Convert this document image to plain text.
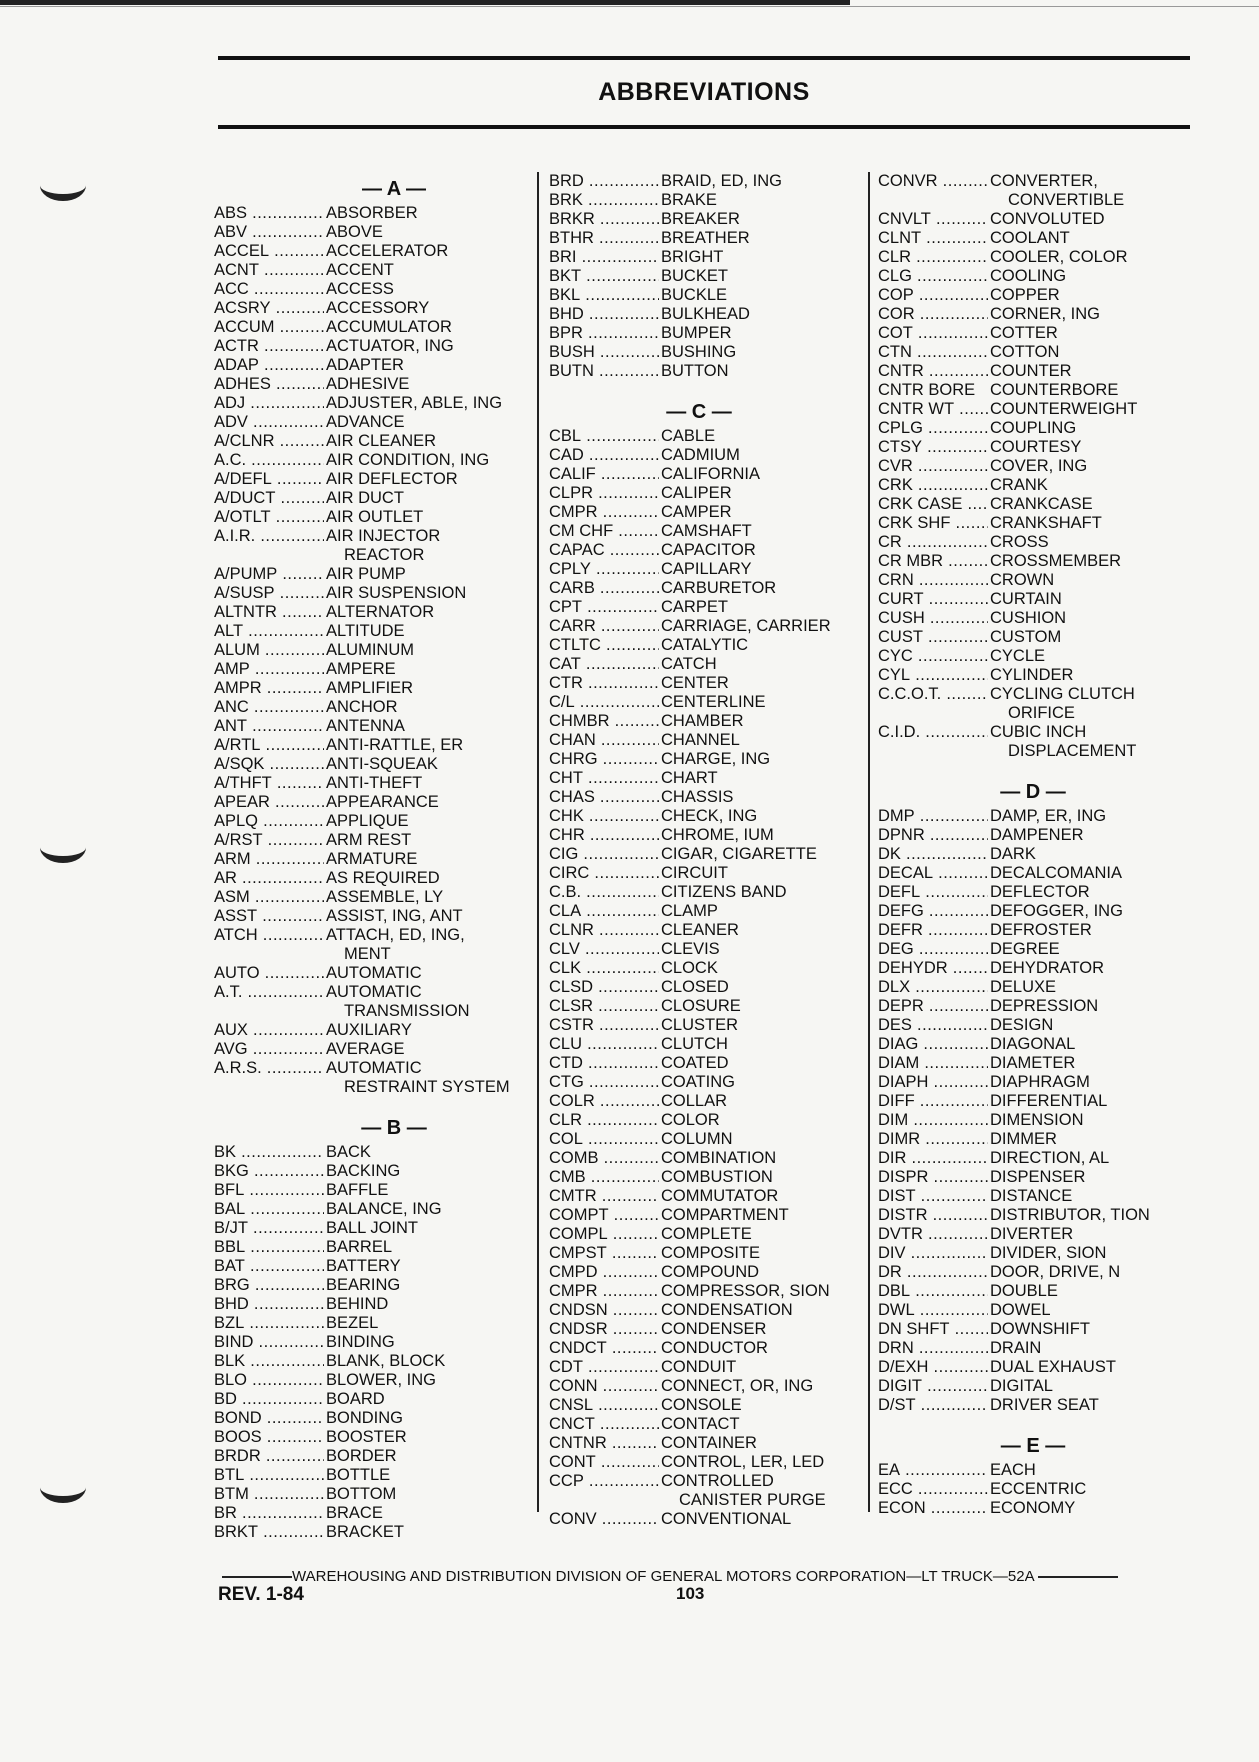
ABBREVIATIONS
— A —
ABS .....	ABSORBER
ABV .....	ABOVE
ACCEL .....	ACCELERATOR
ACNT .....	ACCENT
ACC .....	ACCESS
ACSRY .....	ACCESSORY
ACCUM .....	ACCUMULATOR
ACTR .....	ACTUATOR, ING
ADAP .....	ADAPTER
ADHES .....	ADHESIVE
ADJ .....	ADJUSTER, ABLE, ING
ADV .....	ADVANCE
A/CLNR .....	AIR CLEANER
A.C. .....	AIR CONDITION, ING
A/DEFL .....	AIR DEFLECTOR
A/DUCT .....	AIR DUCT
A/OTLT .....	AIR OUTLET
A.I.R. .....	AIR INJECTOR
REACTOR
A/PUMP .....	AIR PUMP
A/SUSP .....	AIR SUSPENSION
ALTNTR .....	ALTERNATOR
ALT .....	ALTITUDE
ALUM .....	ALUMINUM
AMP .....	AMPERE
AMPR .....	AMPLIFIER
ANC .....	ANCHOR
ANT .....	ANTENNA
A/RTL .....	ANTI-RATTLE, ER
A/SQK .....	ANTI-SQUEAK
A/THFT .....	ANTI-THEFT
APEAR .....	APPEARANCE
APLQ .....	APPLIQUE
A/RST .....	ARM REST
ARM .....	ARMATURE
AR .....	AS REQUIRED
ASM .....	ASSEMBLE, LY
ASST .....	ASSIST, ING, ANT
ATCH .....	ATTACH, ED, ING,
MENT
AUTO .....	AUTOMATIC
A.T. .....	AUTOMATIC
TRANSMISSION
AUX .....	AUXILIARY
AVG .....	AVERAGE
A.R.S. .....	AUTOMATIC
RESTRAINT SYSTEM
— B —
BK .....	BACK
BKG .....	BACKING
BFL .....	BAFFLE
BAL .....	BALANCE, ING
B/JT .....	BALL JOINT
BBL .....	BARREL
BAT .....	BATTERY
BRG .....	BEARING
BHD .....	BEHIND
BZL .....	BEZEL
BIND .....	BINDING
BLK .....	BLANK, BLOCK
BLO .....	BLOWER, ING
BD .....	BOARD
BOND .....	BONDING
BOOS .....	BOOSTER
BRDR .....	BORDER
BTL .....	BOTTLE
BTM .....	BOTTOM
BR .....	BRACE
BRKT .....	BRACKET
BRD .....	BRAID, ED, ING
BRK .....	BRAKE
BRKR .....	BREAKER
BTHR .....	BREATHER
BRI .....	BRIGHT
BKT .....	BUCKET
BKL .....	BUCKLE
BHD .....	BULKHEAD
BPR .....	BUMPER
BUSH .....	BUSHING
BUTN .....	BUTTON
— C —
CBL .....	CABLE
CAD .....	CADMIUM
CALIF .....	CALIFORNIA
CLPR .....	CALIPER
CMPR .....	CAMPER
CM CHF .....	CAMSHAFT
CAPAC .....	CAPACITOR
CPLY .....	CAPILLARY
CARB .....	CARBURETOR
CPT .....	CARPET
CARR .....	CARRIAGE, CARRIER
CTLTC .....	CATALYTIC
CAT .....	CATCH
CTR .....	CENTER
C/L .....	CENTERLINE
CHMBR .....	CHAMBER
CHAN .....	CHANNEL
CHRG .....	CHARGE, ING
CHT .....	CHART
CHAS .....	CHASSIS
CHK .....	CHECK, ING
CHR .....	CHROME, IUM
CIG .....	CIGAR, CIGARETTE
CIRC .....	CIRCUIT
C.B. .....	CITIZENS BAND
CLA .....	CLAMP
CLNR .....	CLEANER
CLV .....	CLEVIS
CLK .....	CLOCK
CLSD .....	CLOSED
CLSR .....	CLOSURE
CSTR .....	CLUSTER
CLU .....	CLUTCH
CTD .....	COATED
CTG .....	COATING
COLR .....	COLLAR
CLR .....	COLOR
COL .....	COLUMN
COMB .....	COMBINATION
CMB .....	COMBUSTION
CMTR .....	COMMUTATOR
COMPT .....	COMPARTMENT
COMPL .....	COMPLETE
CMPST .....	COMPOSITE
CMPD .....	COMPOUND
CMPR .....	COMPRESSOR, SION
CNDSN .....	CONDENSATION
CNDSR .....	CONDENSER
CNDCT .....	CONDUCTOR
CDT .....	CONDUIT
CONN .....	CONNECT, OR, ING
CNSL .....	CONSOLE
CNCT .....	CONTACT
CNTNR .....	CONTAINER
CONT .....	CONTROL, LER, LED
CCP .....	CONTROLLED
CANISTER PURGE
CONV .....	CONVENTIONAL
CONVR .....	CONVERTER,
CONVERTIBLE
CNVLT .....	CONVOLUTED
CLNT .....	COOLANT
CLR .....	COOLER, COLOR
CLG .....	COOLING
COP .....	COPPER
COR .....	CORNER, ING
COT .....	COTTER
CTN .....	COTTON
CNTR .....	COUNTER
CNTR BORE COUNTERBORE
CNTR WT .....	COUNTERWEIGHT
CPLG .....	COUPLING
CTSY .....	COURTESY
CVR .....	COVER, ING
CRK .....	CRANK
CRK CASE .....	CRANKCASE
CRK SHF .....	CRANKSHAFT
CR .....	CROSS
CR MBR .....	CROSSMEMBER
CRN .....	CROWN
CURT .....	CURTAIN
CUSH .....	CUSHION
CUST .....	CUSTOM
CYC .....	CYCLE
CYL .....	CYLINDER
C.C.O.T. .....	CYCLING CLUTCH
ORIFICE
C.I.D. .....	CUBIC INCH
DISPLACEMENT
— D —
DMP .....	DAMP, ER, ING
DPNR .....	DAMPENER
DK .....	DARK
DECAL .....	DECALCOMANIA
DEFL .....	DEFLECTOR
DEFG .....	DEFOGGER, ING
DEFR .....	DEFROSTER
DEG .....	DEGREE
DEHYDR .....	DEHYDRATOR
DLX .....	DELUXE
DEPR .....	DEPRESSION
DES .....	DESIGN
DIAG .....	DIAGONAL
DIAM .....	DIAMETER
DIAPH .....	DIAPHRAGM
DIFF .....	DIFFERENTIAL
DIM .....	DIMENSION
DIMR .....	DIMMER
DIR .....	DIRECTION, AL
DISPR .....	DISPENSER
DIST .....	DISTANCE
DISTR .....	DISTRIBUTOR, TION
DVTR .....	DIVERTER
DIV .....	DIVIDER, SION
DR .....	DOOR, DRIVE, N
DBL .....	DOUBLE
DWL .....	DOWEL
DN SHFT .....	DOWNSHIFT
DRN .....	DRAIN
D/EXH .....	DUAL EXHAUST
DIGIT .....	DIGITAL
D/ST .....	DRIVER SEAT
— E —
EA .....	EACH
ECC .....	ECCENTRIC
ECON .....	ECONOMY
WAREHOUSING AND DISTRIBUTION DIVISION OF GENERAL MOTORS CORPORATION—LT TRUCK—52A
REV. 1-84	103
